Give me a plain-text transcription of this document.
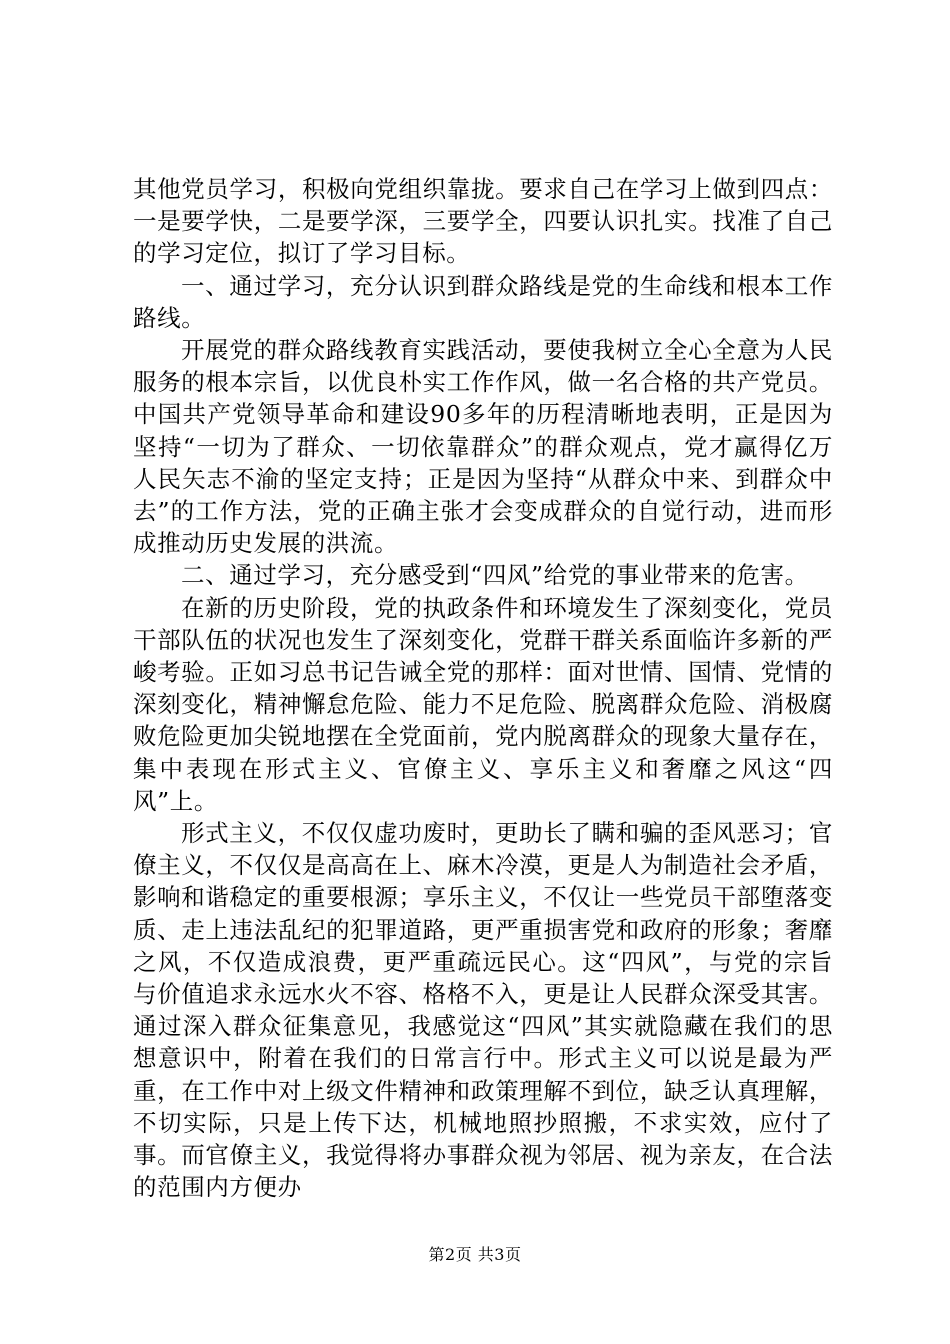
其他党员学习，积极向党组织靠拢。要求自己在学习上做到四点：一是要学快，二是要学深，三要学全，四要认识扎实。找准了自己的学习定位，拟订了学习目标。

一、通过学习，充分认识到群众路线是党的生命线和根本工作路线。

开展党的群众路线教育实践活动，要使我树立全心全意为人民服务的根本宗旨，以优良朴实工作作风，做一名合格的共产党员。中国共产党领导革命和建设90多年的历程清晰地表明，正是因为坚持“一切为了群众、一切依靠群众”的群众观点，党才赢得亿万人民矢志不渝的坚定支持；正是因为坚持“从群众中来、到群众中去”的工作方法，党的正确主张才会变成群众的自觉行动，进而形成推动历史发展的洪流。

二、通过学习，充分感受到“四风”给党的事业带来的危害。

在新的历史阶段，党的执政条件和环境发生了深刻变化，党员干部队伍的状况也发生了深刻变化，党群干群关系面临许多新的严峻考验。正如习总书记告诫全党的那样：面对世情、国情、党情的深刻变化，精神懈怠危险、能力不足危险、脱离群众危险、消极腐败危险更加尖锐地摆在全党面前，党内脱离群众的现象大量存在，集中表现在形式主义、官僚主义、享乐主义和奢靡之风这“四风”上。

形式主义，不仅仅虚功废时，更助长了瞒和骗的歪风恶习；官僚主义，不仅仅是高高在上、麻木冷漠，更是人为制造社会矛盾，影响和谐稳定的重要根源；享乐主义，不仅让一些党员干部堕落变质、走上违法乱纪的犯罪道路，更严重损害党和政府的形象；奢靡之风，不仅造成浪费，更严重疏远民心。这“四风”，与党的宗旨与价值追求永远水火不容、格格不入，更是让人民群众深受其害。通过深入群众征集意见，我感觉这“四风”其实就隐藏在我们的思想意识中，附着在我们的日常言行中。形式主义可以说是最为严重，在工作中对上级文件精神和政策理解不到位，缺乏认真理解，不切实际，只是上传下达，机械地照抄照搬，不求实效，应付了事。而官僚主义，我觉得将办事群众视为邻居、视为亲友，在合法的范围内方便办

第2页 共3页
